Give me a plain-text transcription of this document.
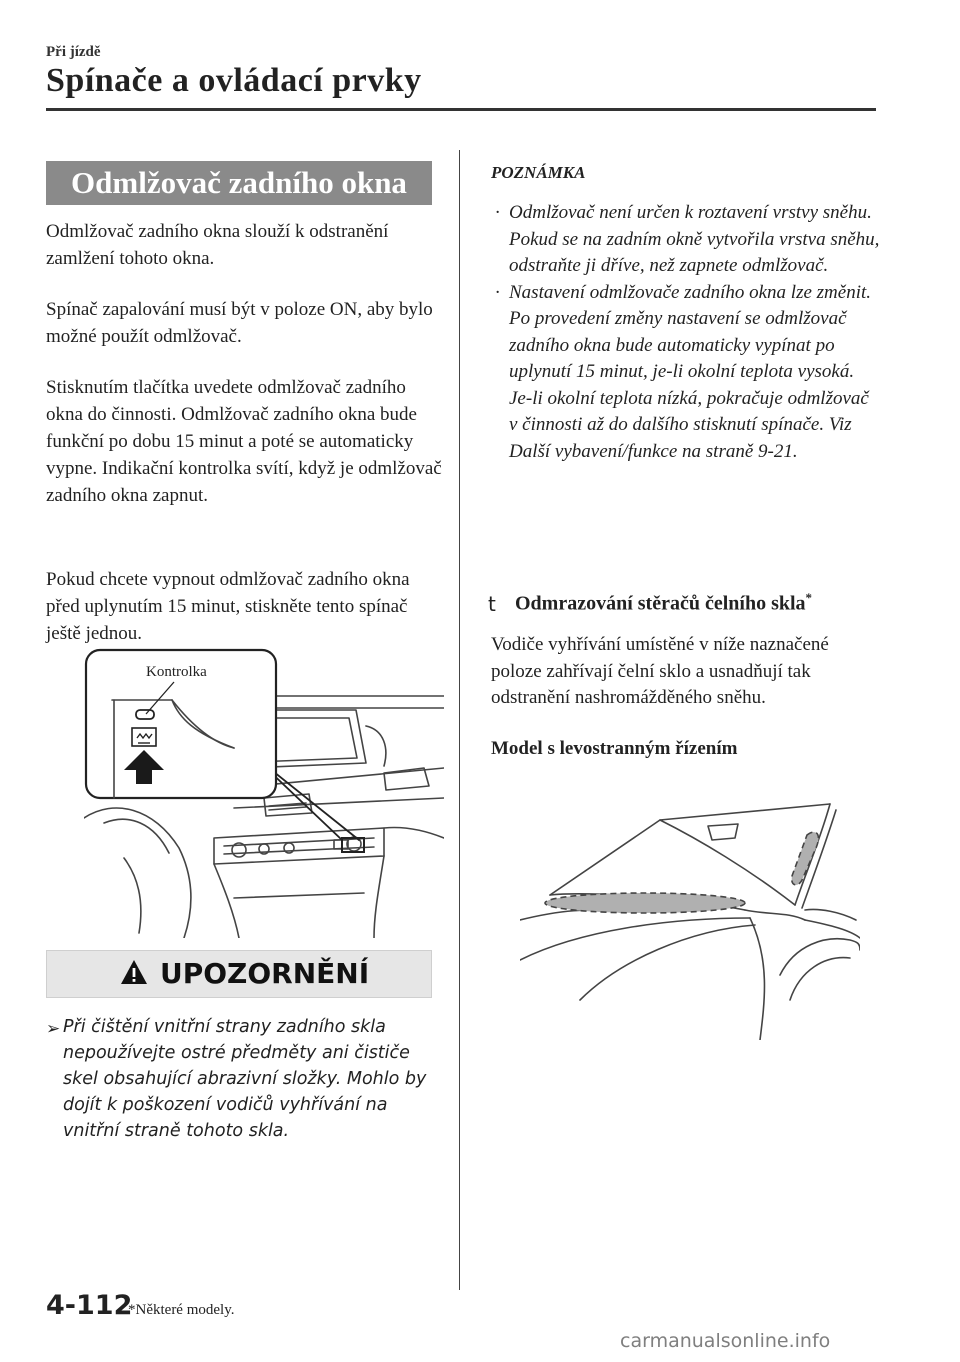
Při jízdě
Spínače a ovládací prvky
Odmlžovač zadního okna
Odmlžovač zadního okna slouží k odstranění zamlžení tohoto okna.
Spínač zapalování musí být v poloze ON, aby bylo možné použít odmlžovač.
Stisknutím tlačítka uvedete odmlžovač zadního okna do činnosti. Odmlžovač zadního okna bude funkční po dobu 15 minut a poté se automaticky vypne. Indikační kontrolka svítí, když je odmlžovač zadního okna zapnut.
Pokud chcete vypnout odmlžovač zadního okna před uplynutím 15 minut, stiskněte tento spínač ještě jednou.
Kontrolka
UPOZORNĚNÍ
➢ Při čištění vnitřní strany zadního skla nepoužívejte ostré předměty ani čističe skel obsahující abrazivní složky. Mohlo by dojít k poškození vodičů vyhřívání na vnitřní straně tohoto skla.
POZNÁMKA
· Odmlžovač není určen k roztavení vrstvy sněhu. Pokud se na zadním okně vytvořila vrstva sněhu, odstraňte ji dříve, než zapnete odmlžovač.
· Nastavení odmlžovače zadního okna lze změnit. Po provedení změny nastavení se odmlžovač zadního okna bude automaticky vypínat po uplynutí 15 minut, je-li okolní teplota vysoká. Je-li okolní teplota nízká, pokračuje odmlžovač v činnosti až do dalšího stisknutí spínače. Viz Další vybavení/funkce na straně 9-21.
t Odmrazování stěračů čelního skla*
Vodiče vyhřívání umístěné v níže naznačené poloze zahřívají čelní sklo a usnadňují tak odstranění nashromážděného sněhu.
Model s levostranným řízením
4-112
*Některé modely.
carmanualsonline.info
